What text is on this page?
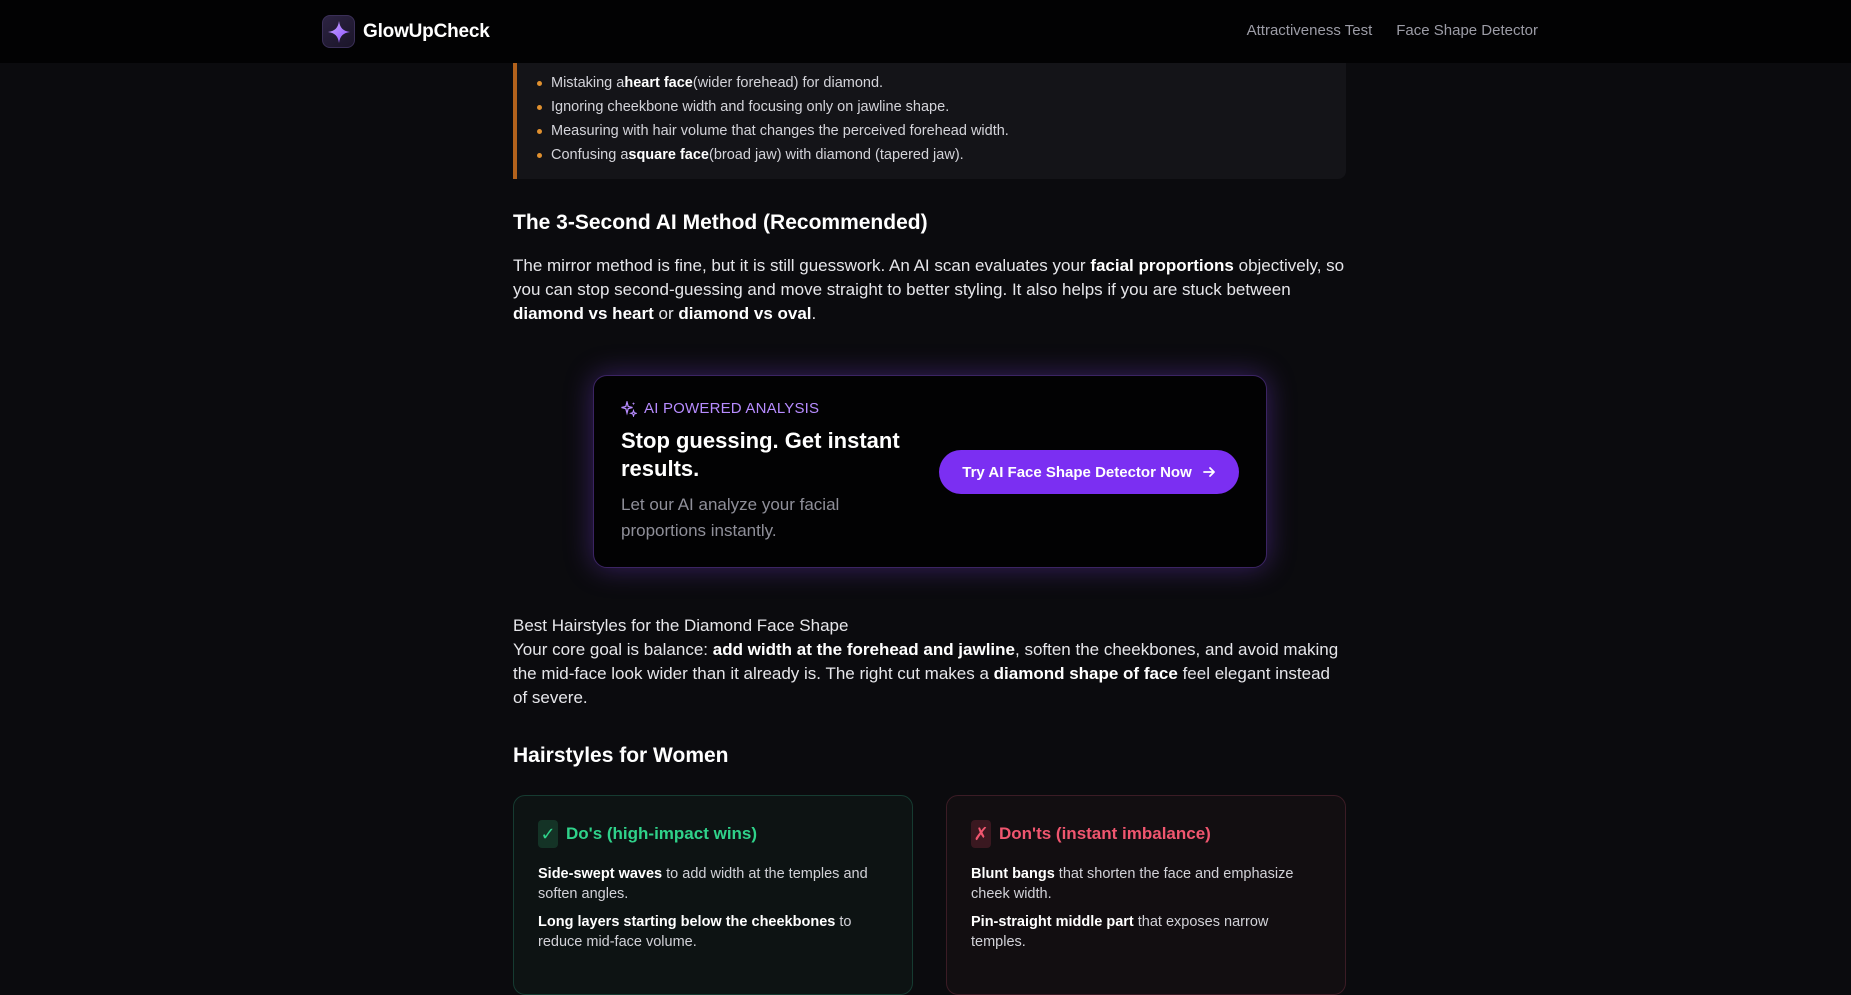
GlowUpCheck	Attractiveness Test Face Shape Detector
Mistaking aheart face(wider forehead) for diamond.
Ignoring cheekbone width and focusing only on jawline shape.
Measuring with hair volume that changes the perceived forehead width.
Confusing asquare face(broad jaw) with diamond (tapered jaw).
The 3-Second AI Method (Recommended)

The mirror method is fine, but it is still guesswork. An AI scan evaluates your facial proportions objectively, so you can stop second-guessing and move straight to better styling. It also helps if you are stuck between diamond vs heart or diamond vs oval.

AI POWERED ANALYSIS
Stop guessing. Get instant results.
Let our AI analyze your facial proportions instantly.
Try AI Face Shape Detector Now
Best Hairstyles for the Diamond Face Shape

Your core goal is balance: add width at the forehead and jawline, soften the cheekbones, and avoid making the mid-face look wider than it already is. The right cut makes a diamond shape of face feel elegant instead of severe.

Hairstyles for Women
✓ Do's (high-impact wins)
Side-swept waves to add width at the temples and soften angles.
Long layers starting below the cheekbones to reduce mid-face volume.
✗ Don'ts (instant imbalance)
Blunt bangs that shorten the face and emphasize cheek width.
Pin-straight middle part that exposes narrow temples.
